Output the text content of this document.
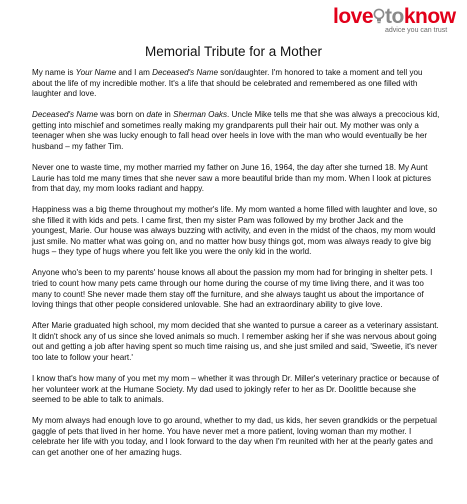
love toknow
advice you can trust
Memorial Tribute for a Mother

My name is Your Name and I am Deceased's Name son/daughter. I'm honored to take a moment and tell you about the life of my incredible mother. It's a life that should be celebrated and remembered as one filled with laughter and love.

Deceased's Name was born on date in Sherman Oaks. Uncle Mike tells me that she was always a precocious kid, getting into mischief and sometimes really making my grandparents pull their hair out. My mother was only a teenager when she was lucky enough to fall head over heels in love with the man who would eventually be her husband – my father Tim.

Never one to waste time, my mother married my father on June 16, 1964, the day after she turned 18. My Aunt Laurie has told me many times that she never saw a more beautiful bride than my mom. When I look at pictures from that day, my mom looks radiant and happy.

Happiness was a big theme throughout my mother's life. My mom wanted a home filled with laughter and love, so she filled it with kids and pets. I came first, then my sister Pam was followed by my brother Jack and the youngest, Marie. Our house was always buzzing with activity, and even in the midst of the chaos, my mom would just smile. No matter what was going on, and no matter how busy things got, mom was always ready to give big hugs – they type of hugs where you felt like you were the only kid in the world.

Anyone who's been to my parents' house knows all about the passion my mom had for bringing in shelter pets. I tried to count how many pets came through our home during the course of my time living there, and it was too many to count! She never made them stay off the furniture, and she always taught us about the importance of loving things that other people considered unlovable. She had an extraordinary ability to give love.

After Marie graduated high school, my mom decided that she wanted to pursue a career as a veterinary assistant. It didn't shock any of us since she loved animals so much. I remember asking her if she was nervous about going out and getting a job after having spent so much time raising us, and she just smiled and said, 'Sweetie, it's never too late to follow your heart.'

I know that's how many of you met my mom – whether it was through Dr. Miller's veterinary practice or because of her volunteer work at the Humane Society. My dad used to jokingly refer to her as Dr. Doolittle because she seemed to be able to talk to animals.

My mom always had enough love to go around, whether to my dad, us kids, her seven grandkids or the perpetual gaggle of pets that lived in her home. You have never met a more patient, loving woman than my mother. I celebrate her life with you today, and I look forward to the day when I'm reunited with her at the pearly gates and can get another one of her amazing hugs.
